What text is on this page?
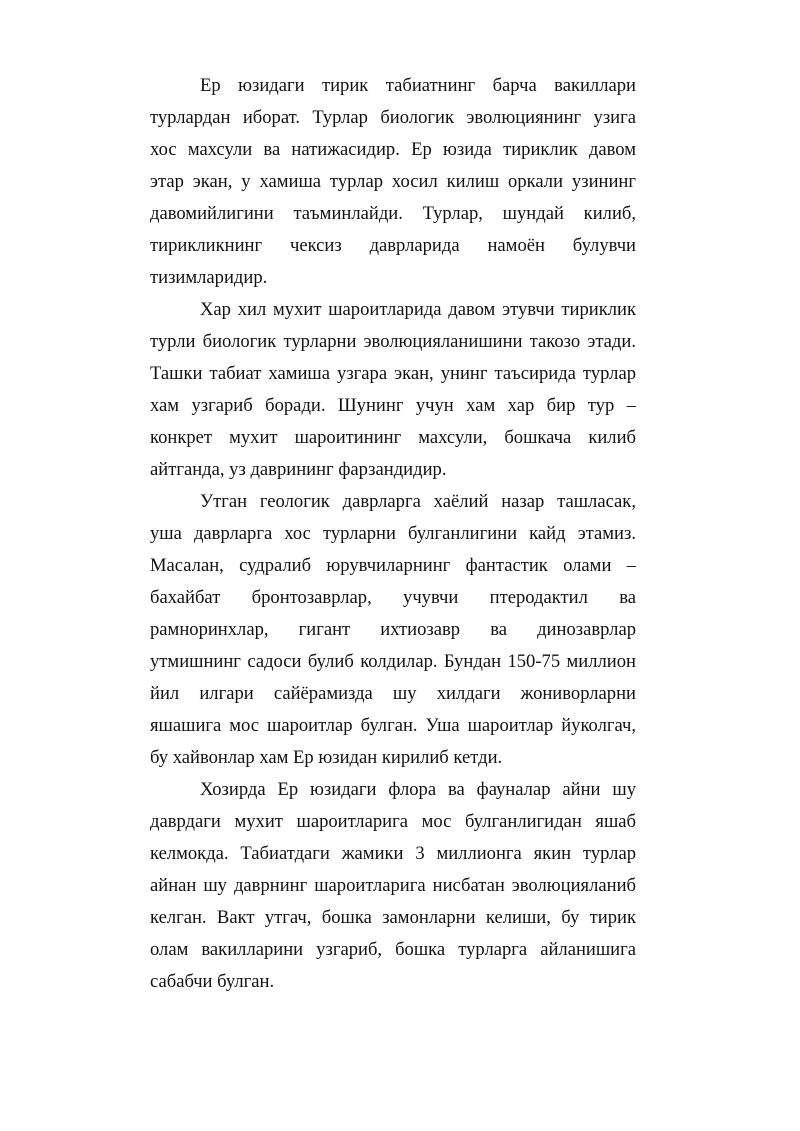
Ер юзидаги тирик табиатнинг барча вакиллари
турлардан иборат. Турлар биологик эволюциянинг узига
хос махсули ва натижасидир. Ер юзида тириклик давом
этар экан, у хамиша турлар хосил килиш оркали узининг
давомийлигини таъминлайди. Турлар, шундай килиб,
тирикликнинг чексиз даврларида намоён булувчи
тизимларидир.
Хар хил мухит шароитларида давом этувчи тириклик
турли биологик турларни эволюцияланишини такозо этади.
Ташки табиат хамиша узгара экан, унинг таъсирида турлар
хам узгариб боради. Шунинг учун хам хар бир тур –
конкрет мухит шароитининг махсули, бошкача килиб
айтганда, уз даврининг фарзандидир.
Утган геологик даврларга хаёлий назар ташласак,
уша даврларга хос турларни булганлигини кайд этамиз.
Масалан, судралиб юрувчиларнинг фантастик олами –
бахайбат бронтозаврлар, учувчи птеродактил ва
рамноринхлар, гигант ихтиозавр ва динозаврлар
утмишнинг садоси булиб колдилар. Бундан 150-75 миллион
йил илгари сайёрамизда шу хилдаги жониворларни
яшашига мос шароитлар булган. Уша шароитлар йуколгач,
бу хайвонлар хам Ер юзидан кирилиб кетди.
Хозирда Ер юзидаги флора ва фауналар айни шу
даврдаги мухит шароитларига мос булганлигидан яшаб
келмокда. Табиатдаги жамики 3 миллионга якин турлар
айнан шу даврнинг шароитларига нисбатан эволюцияланиб
келган. Вакт утгач, бошка замонларни келиши, бу тирик
олам вакилларини узгариб, бошка турларга айланишига
сабабчи булган.
